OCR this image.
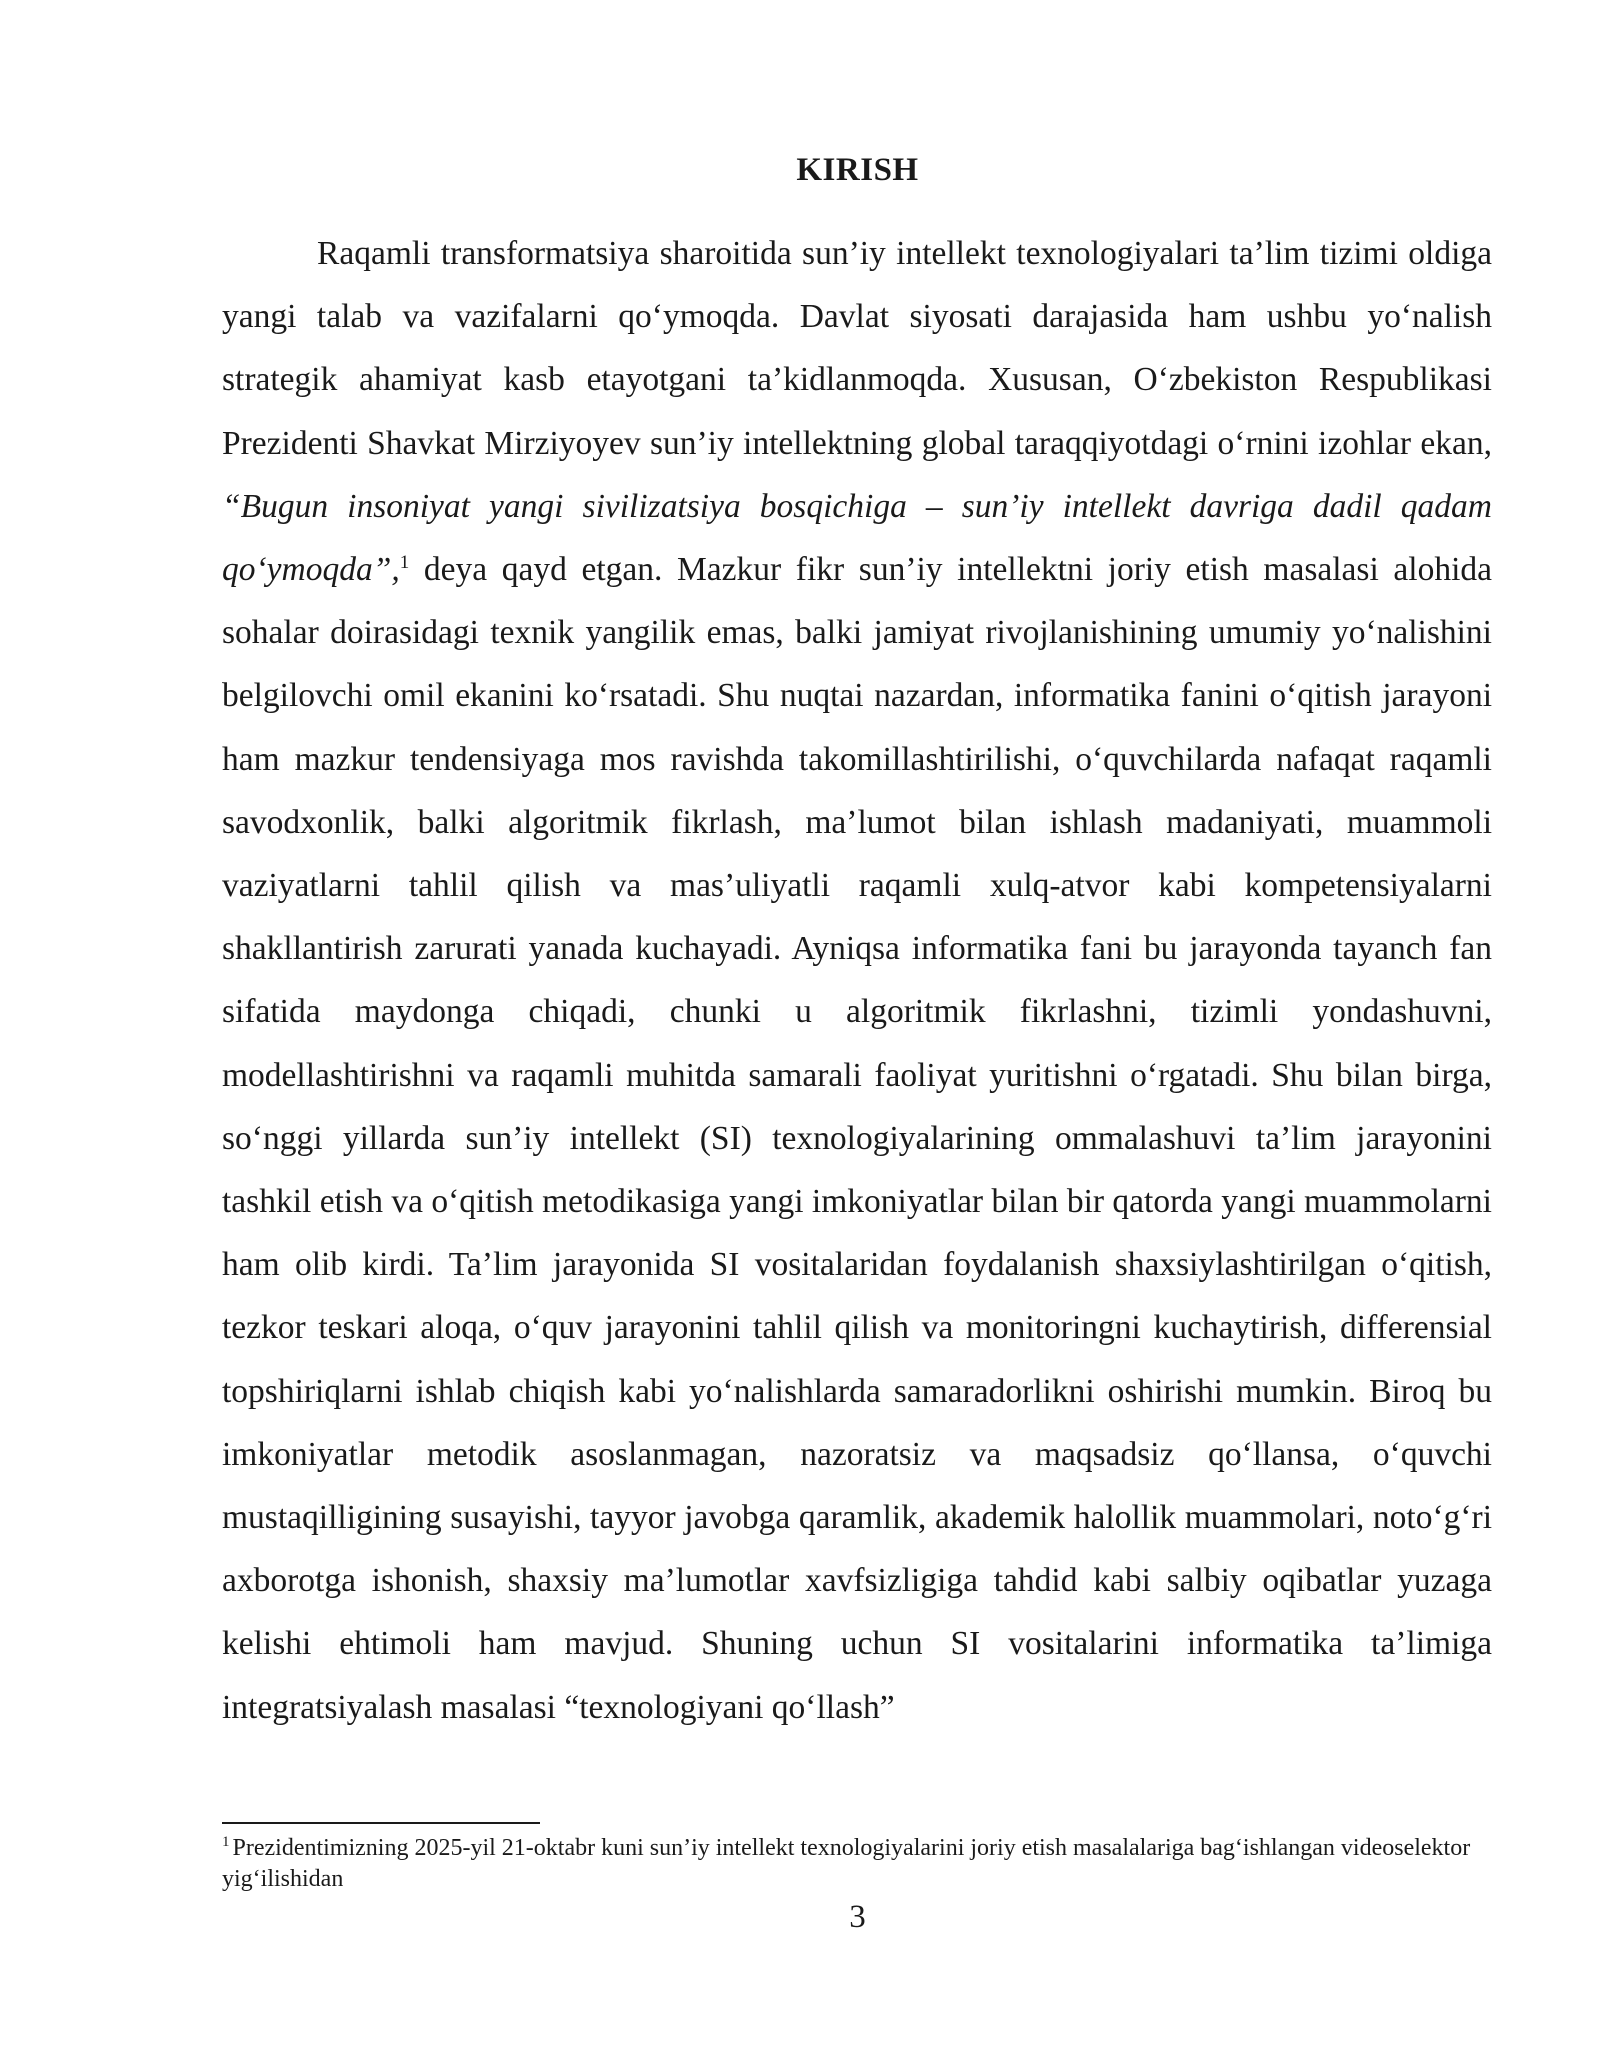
KIRISH

Raqamli transformatsiya sharoitida sun’iy intellekt texnologiyalari ta’lim tizimi oldiga yangi talab va vazifalarni qo‘ymoqda. Davlat siyosati darajasida ham ushbu yo‘nalish strategik ahamiyat kasb etayotgani ta’kidlanmoqda. Xususan, O‘zbekiston Respublikasi Prezidenti Shavkat Mirziyoyev sun’iy intellektning global taraqqiyotdagi o‘rnini izohlar ekan, “Bugun insoniyat yangi sivilizatsiya bosqichiga – sun’iy intellekt davriga dadil qadam qo‘ymoqda”,$^1$ deya qayd etgan. Mazkur fikr sun’iy intellektni joriy etish masalasi alohida sohalar doirasidagi texnik yangilik emas, balki jamiyat rivojlanishining umumiy yo‘nalishini belgilovchi omil ekanini ko‘rsatadi. Shu nuqtai nazardan, informatika fanini o‘qitish jarayoni ham mazkur tendensiyaga mos ravishda takomillashtirilishi, o‘quvchilarda nafaqat raqamli savodxonlik, balki algoritmik fikrlash, ma’lumot bilan ishlash madaniyati, muammoli vaziyatlarni tahlil qilish va mas’uliyatli raqamli xulq-atvor kabi kompetensiyalarni shakllantirish zarurati yanada kuchayadi. Ayniqsa informatika fani bu jarayonda tayanch fan sifatida maydonga chiqadi, chunki u algoritmik fikrlashni, tizimli yondashuvni, modellashtirishni va raqamli muhitda samarali faoliyat yuritishni o‘rgatadi. Shu bilan birga, so‘nggi yillarda sun’iy intellekt (SI) texnologiyalarining ommalashuvi ta’lim jarayonini tashkil etish va o‘qitish metodikasiga yangi imkoniyatlar bilan bir qatorda yangi muammolarni ham olib kirdi. Ta’lim jarayonida SI vositalaridan foydalanish shaxsiylashtirilgan o‘qitish, tezkor teskari aloqa, o‘quv jarayonini tahlil qilish va monitoringni kuchaytirish, differensial topshiriqlarni ishlab chiqish kabi yo‘nalishlarda samaradorlikni oshirishi mumkin. Biroq bu imkoniyatlar metodik asoslanmagan, nazoratsiz va maqsadsiz qo‘llansa, o‘quvchi mustaqilligining susayishi, tayyor javobga qaramlik, akademik halollik muammolari, noto‘g‘ri axborotga ishonish, shaxsiy ma’lumotlar xavfsizligiga tahdid kabi salbiy oqibatlar yuzaga kelishi ehtimoli ham mavjud. Shuning uchun SI vositalarini informatika ta’limiga integratsiyalash masalasi “texnologiyani qo‘llash”

$^1$ Prezidentimizning 2025-yil 21-oktabr kuni sun’iy intellekt texnologiyalarini joriy etish masalalariga bag‘ishlangan videoselektor yig‘ilishidan

3
